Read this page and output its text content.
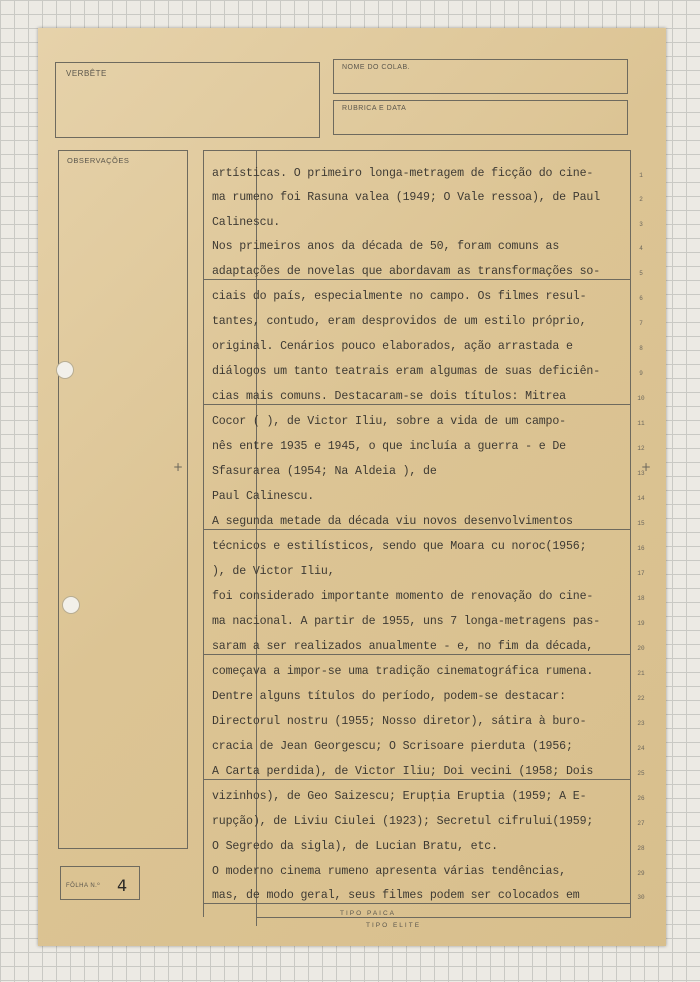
VERBÊTE
NOME DO COLAB.
RUBRICA E DATA
OBSERVAÇÕES
FÔLHA N.º 4
+	+
TIPO PAICA
TIPO ELITE
artísticas. O primeiro longa-metragem de ficção do cine-
ma rumeno foi Rasuna valea (1949; O Vale ressoa), de Paul
Calinescu.
Nos primeiros anos da década de 50, foram comuns as
adaptações de novelas que abordavam as transformações so-
ciais do país, especialmente no campo. Os filmes resul-
tantes, contudo, eram desprovidos de um estilo próprio,
original. Cenários pouco elaborados, ação arrastada e
diálogos um tanto teatrais eram algumas de suas deficiên-
cias mais comuns. Destacaram-se dois títulos: Mitrea
Cocor ( ), de Victor Iliu, sobre a vida de um campo-
nês entre 1935 e 1945, o que incluía a guerra - e De
Sfasurarea (1954; Na Aldeia ), de
Paul Calinescu.
A segunda metade da década viu novos desenvolvimentos
técnicos e estilísticos, sendo que Moara cu noroc(1956;
), de Victor Iliu,
foi considerado importante momento de renovação do cine-
ma nacional. A partir de 1955, uns 7 longa-metragens pas-
saram a ser realizados anualmente - e, no fim da década,
começava a impor-se uma tradição cinematográfica rumena.
Dentre alguns títulos do período, podem-se destacar:
Directorul nostru (1955; Nosso diretor), sátira à buro-
cracia de Jean Georgescu; O Scrisoare pierduta (1956;
A Carta perdida), de Victor Iliu; Doi vecini (1958; Dois
vizinhos), de Geo Saizescu; Erupția Eruptia (1959; A E-
rupção), de Liviu Ciulei (1923); Secretul cifrului(1959;
O Segredo da sigla), de Lucian Bratu, etc.
O moderno cinema rumeno apresenta várias tendências,
mas, de modo geral, seus filmes podem ser colocados em
1
2
3
4
5
6
7
8
9
10
11
12
13
14
15
16
17
18
19
20
21
22
23
24
25
26
27
28
29
30
